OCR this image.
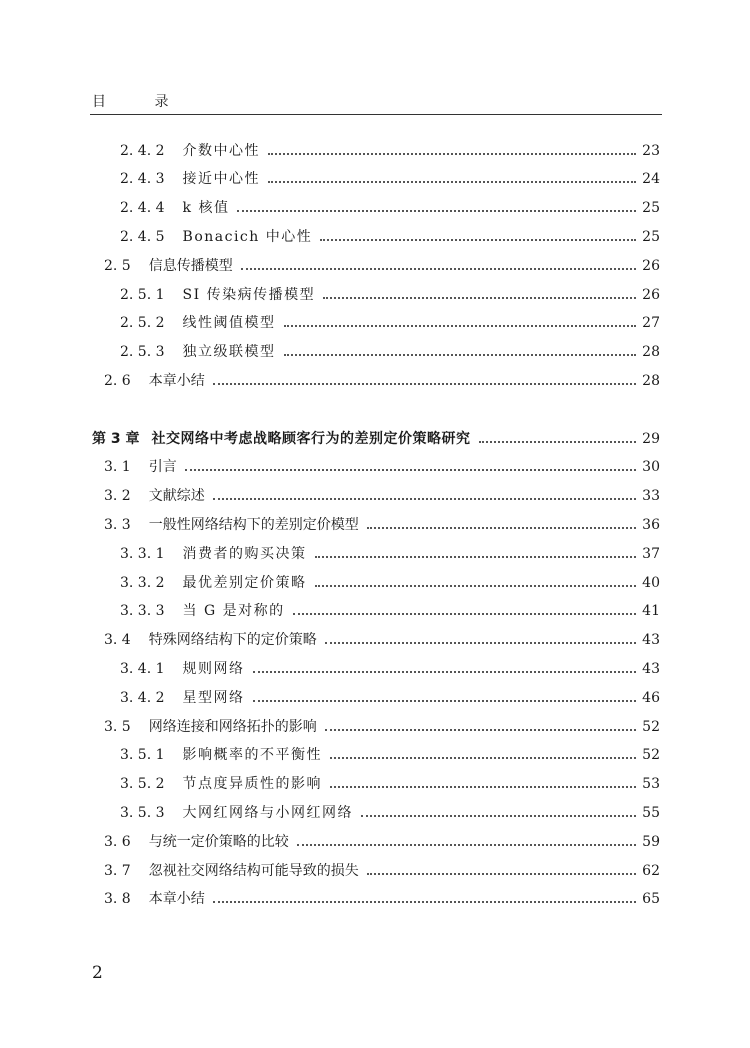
目 录
2. 4. 2 介数中心性	23
2. 4. 3 接近中心性	24
2. 4. 4 k 核值	25
2. 4. 5 Bonacich 中心性	25
2. 5 信息传播模型	26
2. 5. 1 SI 传染病传播模型	26
2. 5. 2 线性阈值模型	27
2. 5. 3 独立级联模型	28
2. 6 本章小结	28
第 3 章 社交网络中考虑战略顾客行为的差别定价策略研究	29
3. 1 引言	30
3. 2 文献综述	33
3. 3 一般性网络结构下的差别定价模型	36
3. 3. 1 消费者的购买决策	37
3. 3. 2 最优差别定价策略	40
3. 3. 3 当 G 是对称的	41
3. 4 特殊网络结构下的定价策略	43
3. 4. 1 规则网络	43
3. 4. 2 星型网络	46
3. 5 网络连接和网络拓扑的影响	52
3. 5. 1 影响概率的不平衡性	52
3. 5. 2 节点度异质性的影响	53
3. 5. 3 大网红网络与小网红网络	55
3. 6 与统一定价策略的比较	59
3. 7 忽视社交网络结构可能导致的损失	62
3. 8 本章小结	65
2
